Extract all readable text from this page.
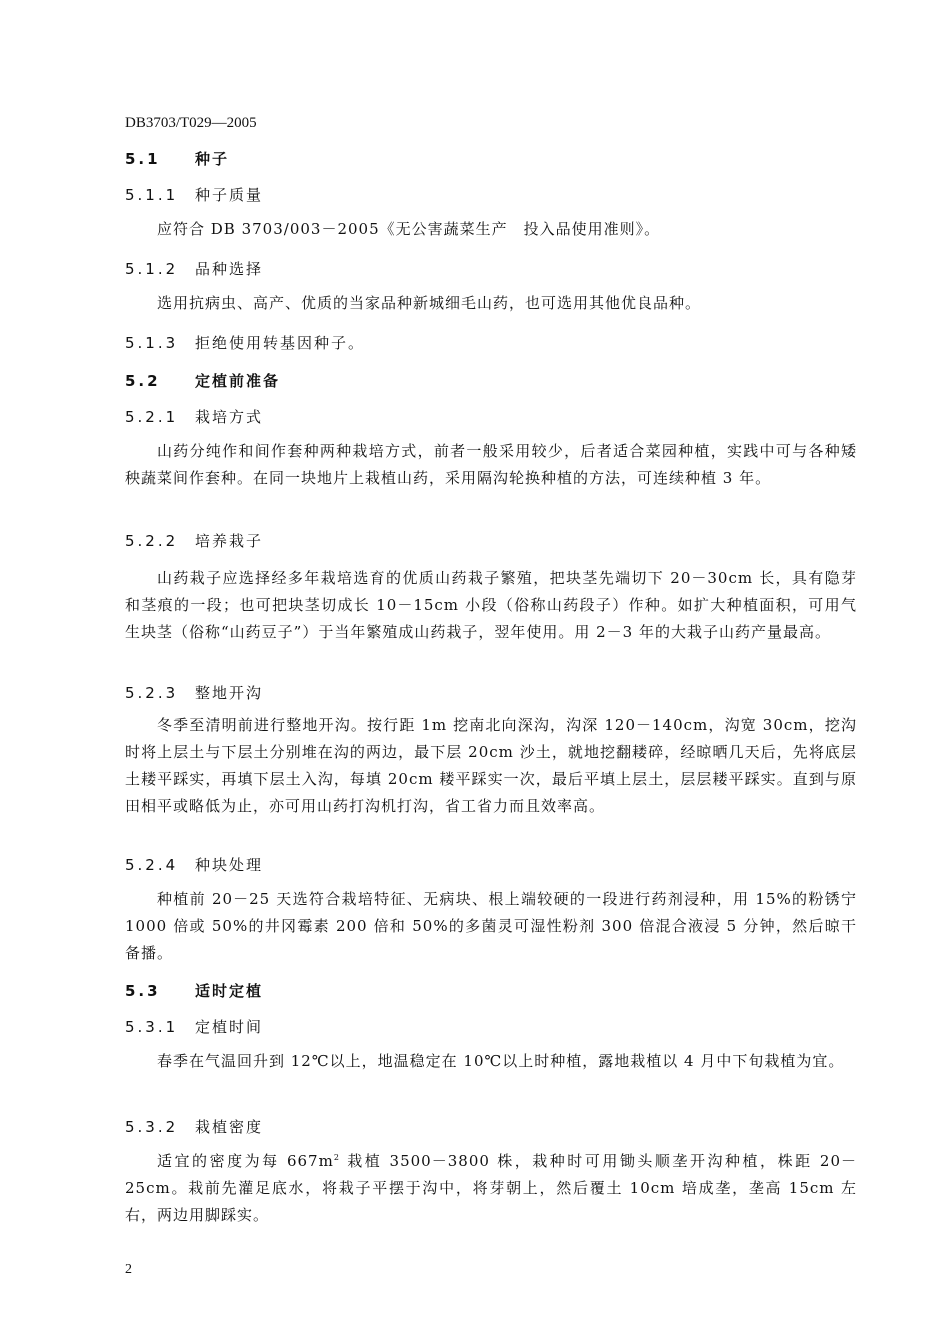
DB3703/T029—2005
5.1 种子
5.1.1 种子质量
应符合 DB 3703/003－2005《无公害蔬菜生产　投入品使用准则》。
5.1.2 品种选择
选用抗病虫、高产、优质的当家品种新城细毛山药，也可选用其他优良品种。
5.1.3 拒绝使用转基因种子。
5.2 定植前准备
5.2.1 栽培方式
山药分纯作和间作套种两种栽培方式，前者一般采用较少，后者适合菜园种植，实践中可与各种矮秧蔬菜间作套种。在同一块地片上栽植山药，采用隔沟轮换种植的方法，可连续种植 3 年。
5.2.2 培养栽子
山药栽子应选择经多年栽培选育的优质山药栽子繁殖，把块茎先端切下 20－30cm 长，具有隐芽和茎痕的一段；也可把块茎切成长 10－15cm 小段（俗称山药段子）作种。如扩大种植面积，可用气生块茎（俗称“山药豆子”）于当年繁殖成山药栽子，翌年使用。用 2－3 年的大栽子山药产量最高。
5.2.3 整地开沟
冬季至清明前进行整地开沟。按行距 1m 挖南北向深沟，沟深 120－140cm，沟宽 30cm，挖沟时将上层土与下层土分别堆在沟的两边，最下层 20cm 沙土，就地挖翻耧碎，经晾晒几天后，先将底层土耧平踩实，再填下层土入沟，每填 20cm 耧平踩实一次，最后平填上层土，层层耧平踩实。直到与原田相平或略低为止，亦可用山药打沟机打沟，省工省力而且效率高。
5.2.4 种块处理
种植前 20－25 天选符合栽培特征、无病块、根上端较硬的一段进行药剂浸种，用 15%的粉锈宁 1000 倍或 50%的井冈霉素 200 倍和 50%的多菌灵可湿性粉剂 300 倍混合液浸 5 分钟，然后晾干备播。
5.3 适时定植
5.3.1 定植时间
春季在气温回升到 12℃以上，地温稳定在 10℃以上时种植，露地栽植以 4 月中下旬栽植为宜。
5.3.2 栽植密度
适宜的密度为每 $667m^2$ 栽植 3500－3800 株，栽种时可用锄头顺垄开沟种植，株距 20－25cm。栽前先灌足底水，将栽子平摆于沟中，将芽朝上，然后覆土 10cm 培成垄，垄高 15cm 左右，两边用脚踩实。
2
